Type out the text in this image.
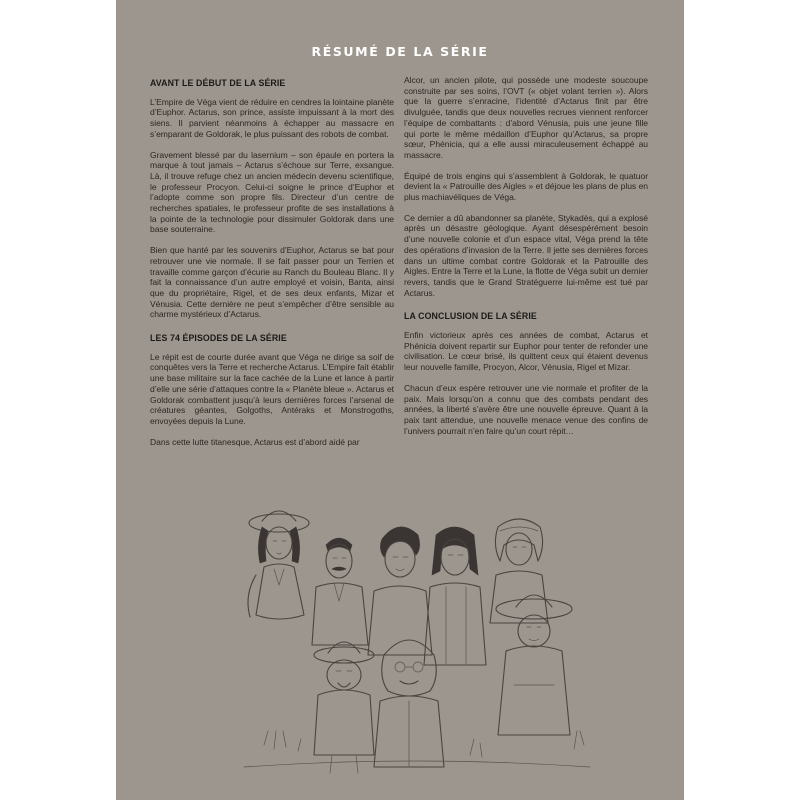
RÉSUMÉ DE LA SÉRIE
AVANT LE DÉBUT DE LA SÉRIE

L’Empire de Véga vient de réduire en cendres la lointaine planète d’Euphor. Actarus, son prince, assiste impuissant à la mort des siens. Il parvient néanmoins à échapper au massacre en s’emparant de Goldorak, le plus puissant des robots de combat.

Gravement blessé par du lasernium – son épaule en portera la marque à tout jamais – Actarus s’échoue sur Terre, exsangue. Là, il trouve refuge chez un ancien médecin devenu scientifique, le professeur Procyon. Celui-ci soigne le prince d’Euphor et l’adopte comme son propre fils. Directeur d’un centre de recherches spatiales, le professeur profite de ses installations à la pointe de la technologie pour dissimuler Goldorak dans une base souterraine.

Bien que hanté par les souvenirs d’Euphor, Actarus se bat pour retrouver une vie normale. Il se fait passer pour un Terrien et travaille comme garçon d’écurie au Ranch du Bouleau Blanc. Il y fait la connaissance d’un autre employé et voisin, Banta, ainsi que du propriétaire, Rigel, et de ses deux enfants, Mizar et Vénusia. Cette dernière ne peut s’empêcher d’être sensible au charme mystérieux d’Actarus.

LES 74 ÉPISODES DE LA SÉRIE

Le répit est de courte durée avant que Véga ne dirige sa soif de conquêtes vers la Terre et recherche Actarus. L’Empire fait établir une base militaire sur la face cachée de la Lune et lance à partir d’elle une série d’attaques contre la « Planète bleue ». Actarus et Goldorak combattent jusqu’à leurs dernières forces l’arsenal de créatures géantes, Golgoths, Antéraks et Monstrogoths, envoyées depuis la Lune.

Dans cette lutte titanesque, Actarus est d’abord aidé par

Alcor, un ancien pilote, qui possède une modeste soucoupe construite par ses soins, l’OVT (« objet volant terrien »). Alors que la guerre s’enracine, l’identité d’Actarus finit par être divulguée, tandis que deux nouvelles recrues viennent renforcer l’équipe de combattants : d’abord Vénusia, puis une jeune fille qui porte le même médaillon d’Euphor qu’Actarus, sa propre sœur, Phénicia, qui a elle aussi miraculeusement échappé au massacre.

Équipé de trois engins qui s’assemblent à Goldorak, le quatuor devient la « Patrouille des Aigles » et déjoue les plans de plus en plus machiavéliques de Véga.

Ce dernier a dû abandonner sa planète, Stykadès, qui a explosé après un désastre géologique. Ayant désespérément besoin d’une nouvelle colonie et d’un espace vital, Véga prend la tête des opérations d’invasion de la Terre. Il jette ses dernières forces dans un ultime combat contre Goldorak et la Patrouille des Aigles. Entre la Terre et la Lune, la flotte de Véga subit un dernier revers, tandis que le Grand Stratéguerre lui-même est tué par Actarus.

LA CONCLUSION DE LA SÉRIE

Enfin victorieux après ces années de combat, Actarus et Phénicia doivent repartir sur Euphor pour tenter de refonder une civilisation. Le cœur brisé, ils quittent ceux qui étaient devenus leur nouvelle famille, Procyon, Alcor, Vénusia, Rigel et Mizar.

Chacun d’eux espère retrouver une vie normale et profiter de la paix. Mais lorsqu’on a connu que des combats pendant des années, la liberté s’avère être une nouvelle épreuve. Quant à la paix tant attendue, une nouvelle menace venue des confins de l’univers pourrait n’en faire qu’un court répit…
